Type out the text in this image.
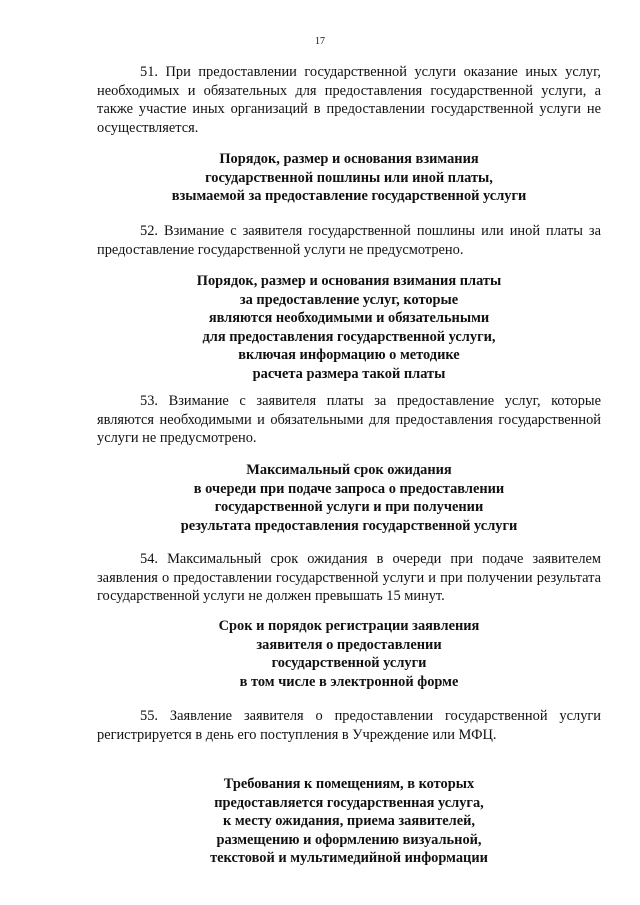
17

51. При предоставлении государственной услуги оказание иных услуг, необходимых и обязательных для предоставления государственной услуги, а также участие иных организаций в предоставлении государственной услуги не осуществляется.

Порядок, размер и основания взимания
государственной пошлины или иной платы,
взымаемой за предоставление государственной услуги

52. Взимание с заявителя государственной пошлины или иной платы за предоставление государственной услуги не предусмотрено.

Порядок, размер и основания взимания платы
за предоставление услуг, которые
являются необходимыми и обязательными
для предоставления государственной услуги,
включая информацию о методике
расчета размера такой платы

53. Взимание с заявителя платы за предоставление услуг, которые являются необходимыми и обязательными для предоставления государственной услуги не предусмотрено.

Максимальный срок ожидания
в очереди при подаче запроса о предоставлении
государственной услуги и при получении
результата предоставления государственной услуги

54. Максимальный срок ожидания в очереди при подаче заявителем заявления о предоставлении государственной услуги и при получении результата государственной услуги не должен превышать 15 минут.

Срок и порядок регистрации заявления
заявителя о предоставлении
государственной услуги
в том числе в электронной форме

55. Заявление заявителя о предоставлении государственной услуги регистрируется в день его поступления в Учреждение или МФЦ.

Требования к помещениям, в которых
предоставляется государственная услуга,
к месту ожидания, приема заявителей,
размещению и оформлению визуальной,
текстовой и мультимедийной информации
